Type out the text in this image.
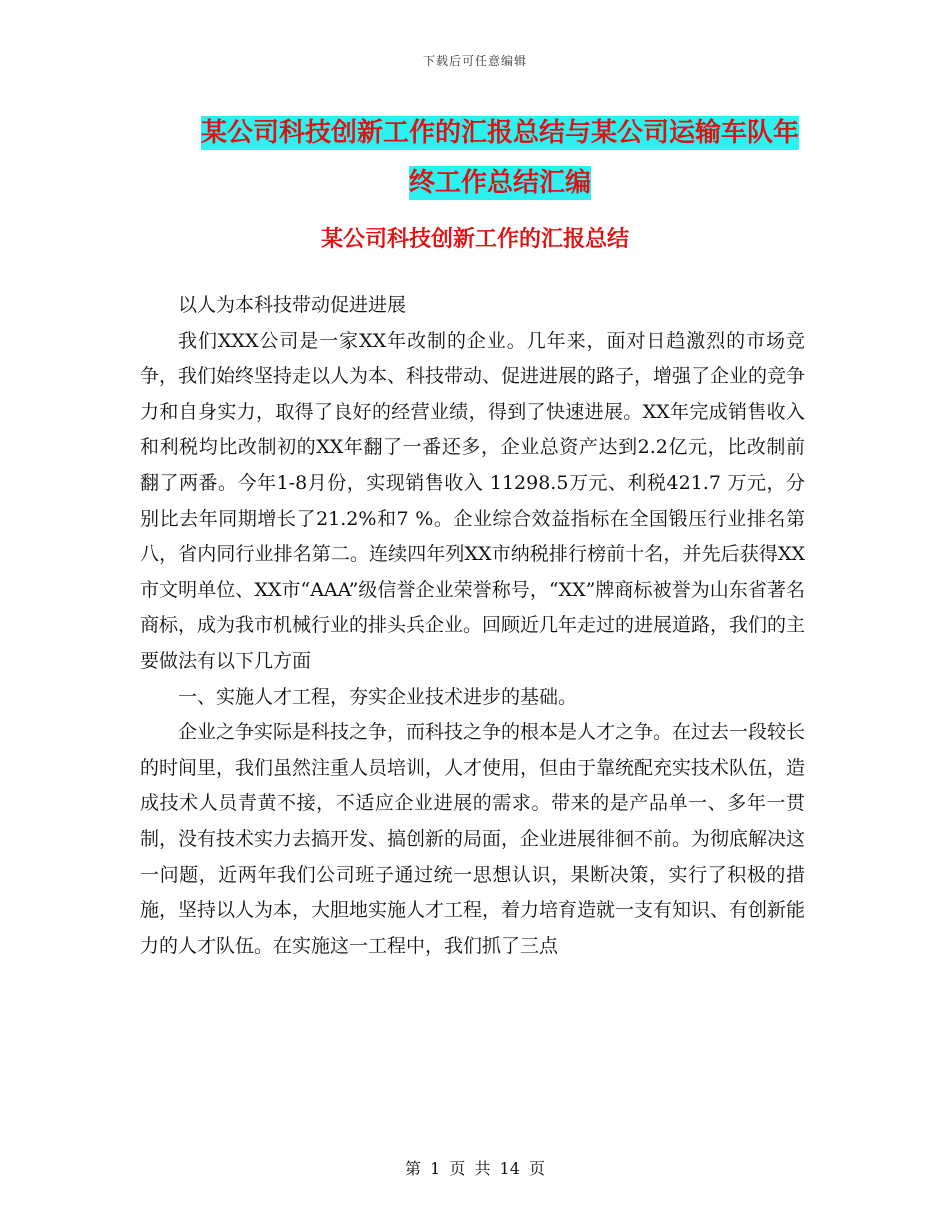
下载后可任意编辑
某公司科技创新工作的汇报总结与某公司运输车队年
终工作总结汇编
某公司科技创新工作的汇报总结

以人为本科技带动促进进展

我们XXX公司是一家XX年改制的企业。几年来，面对日趋激烈的市场竞争，我们始终坚持走以人为本、科技带动、促进进展的路子，增强了企业的竞争力和自身实力，取得了良好的经营业绩，得到了快速进展。XX年完成销售收入和利税均比改制初的XX年翻了一番还多，企业总资产达到2.2亿元，比改制前翻了两番。今年1-8月份，实现销售收入 11298.5万元、利税421.7 万元，分别比去年同期增长了21.2%和7 %。企业综合效益指标在全国锻压行业排名第八，省内同行业排名第二。连续四年列XX市纳税排行榜前十名，并先后获得XX市文明单位、XX市“AAA”级信誉企业荣誉称号，“XX”牌商标被誉为山东省著名商标，成为我市机械行业的排头兵企业。回顾近几年走过的进展道路，我们的主要做法有以下几方面

一、实施人才工程，夯实企业技术进步的基础。

企业之争实际是科技之争，而科技之争的根本是人才之争。在过去一段较长的时间里，我们虽然注重人员培训，人才使用，但由于靠统配充实技术队伍，造成技术人员青黄不接，不适应企业进展的需求。带来的是产品单一、多年一贯制，没有技术实力去搞开发、搞创新的局面，企业进展徘徊不前。为彻底解决这一问题，近两年我们公司班子通过统一思想认识，果断决策，实行了积极的措施，坚持以人为本，大胆地实施人才工程，着力培育造就一支有知识、有创新能力的人才队伍。在实施这一工程中，我们抓了三点

第 1 页 共 14 页
